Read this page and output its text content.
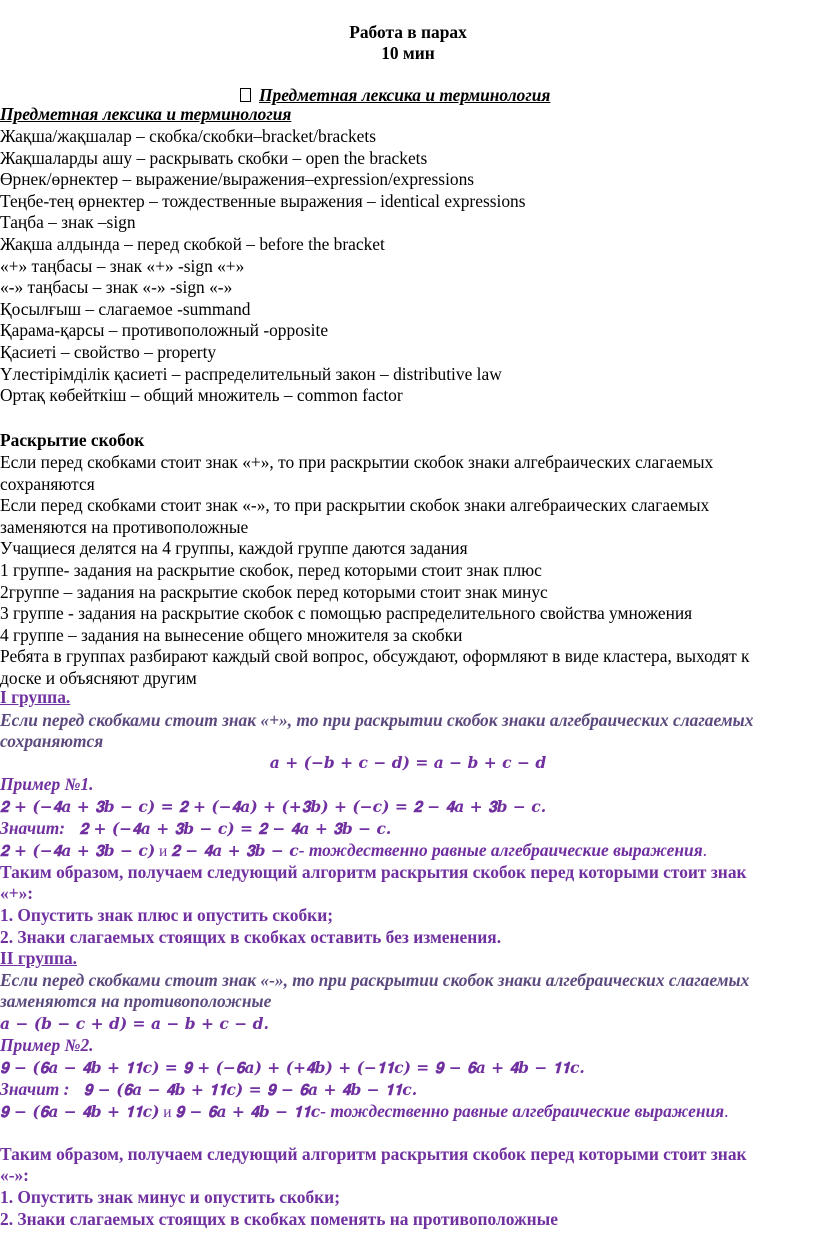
Работа в парах
10 мин
Предметная лексика и терминология
Предметная лексика и терминология
Жақша/жақшалар – скобка/скобки–bracket/brackets
Жақшаларды ашу – раскрывать скобки – open the brackets
Өрнек/өрнектер – выражение/выражения–expression/expressions
Теңбе-тең өрнектер – тождественные выражения – identical expressions
Таңба – знак –sign
Жақша алдында – перед скобкой – before the bracket
«+» таңбасы – знак «+» -sign «+»
«-» таңбасы – знак «-» -sign «-»
Қосылғыш – слагаемое -summand
Қарама-қарсы – противоположный -opposite
Қасиеті – свойство – property
Үлестірімділік қасиеті – распределительный закон – distributive law
Ортақ көбейткіш – общий множитель – common factor
Раскрытие скобок
Если перед скобками стоит знак «+», то при раскрытии скобок знаки алгебраических слагаемых
сохраняются
Если перед скобками стоит знак «-», то при раскрытии скобок знаки алгебраических слагаемых
заменяются на противоположные
Учащиеся делятся на 4 группы, каждой группе даются задания
1 группе- задания на раскрытие скобок, перед которыми стоит знак плюс
2группе – задания на раскрытие скобок перед которыми стоит знак минус
3 группе - задания на раскрытие скобок с помощью распределительного свойства умножения
4 группе – задания на вынесение общего множителя за скобки
Ребята в группах разбирают каждый свой вопрос, обсуждают, оформляют в виде кластера, выходят к
доске и объясняют другим
I группа.
Если перед скобками стоит знак «+», то при раскрытии скобок знаки алгебраических слагаемых
сохраняются
𝒂 + (−𝒃 + 𝒄 − 𝒅) = 𝒂 − 𝒃 + 𝒄 − 𝒅
Пример №1.
𝟐 + (−𝟒𝒂 + 𝟑𝒃 − 𝒄) = 𝟐 + (−𝟒𝒂) + (+𝟑𝒃) + (−𝒄) = 𝟐 − 𝟒𝒂 + 𝟑𝒃 − 𝒄.
Значит: 𝟐 + (−𝟒𝒂 + 𝟑𝒃 − 𝒄) = 𝟐 − 𝟒𝒂 + 𝟑𝒃 − 𝒄.
𝟐 + (−𝟒𝒂 + 𝟑𝒃 − 𝒄) и 𝟐 − 𝟒𝒂 + 𝟑𝒃 − 𝒄- тождественно равные алгебраические выражения.
Таким образом, получаем следующий алгоритм раскрытия скобок перед которыми стоит знак
«+»:
1. Опустить знак плюс и опустить скобки;
2. Знаки слагаемых стоящих в скобках оставить без изменения.
II группа.
Если перед скобками стоит знак «-», то при раскрытии скобок знаки алгебраических слагаемых
заменяются на противоположные
𝒂 − (𝒃 − 𝒄 + 𝒅) = 𝒂 − 𝒃 + 𝒄 − 𝒅.
Пример №2.
𝟗 − (𝟔𝒂 − 𝟒𝒃 + 𝟏𝟏𝒄) = 𝟗 + (−𝟔𝒂) + (+𝟒𝒃) + (−𝟏𝟏𝒄) = 𝟗 − 𝟔𝒂 + 𝟒𝒃 − 𝟏𝟏𝒄.
Значит : 𝟗 − (𝟔𝒂 − 𝟒𝒃 + 𝟏𝟏𝒄) = 𝟗 − 𝟔𝒂 + 𝟒𝒃 − 𝟏𝟏𝒄.
𝟗 − (𝟔𝒂 − 𝟒𝒃 + 𝟏𝟏𝒄) и 𝟗 − 𝟔𝒂 + 𝟒𝒃 − 𝟏𝟏𝒄- тождественно равные алгебраические выражения.
Таким образом, получаем следующий алгоритм раскрытия скобок перед которыми стоит знак
«-»:
1. Опустить знак минус и опустить скобки;
2. Знаки слагаемых стоящих в скобках поменять на противоположные
